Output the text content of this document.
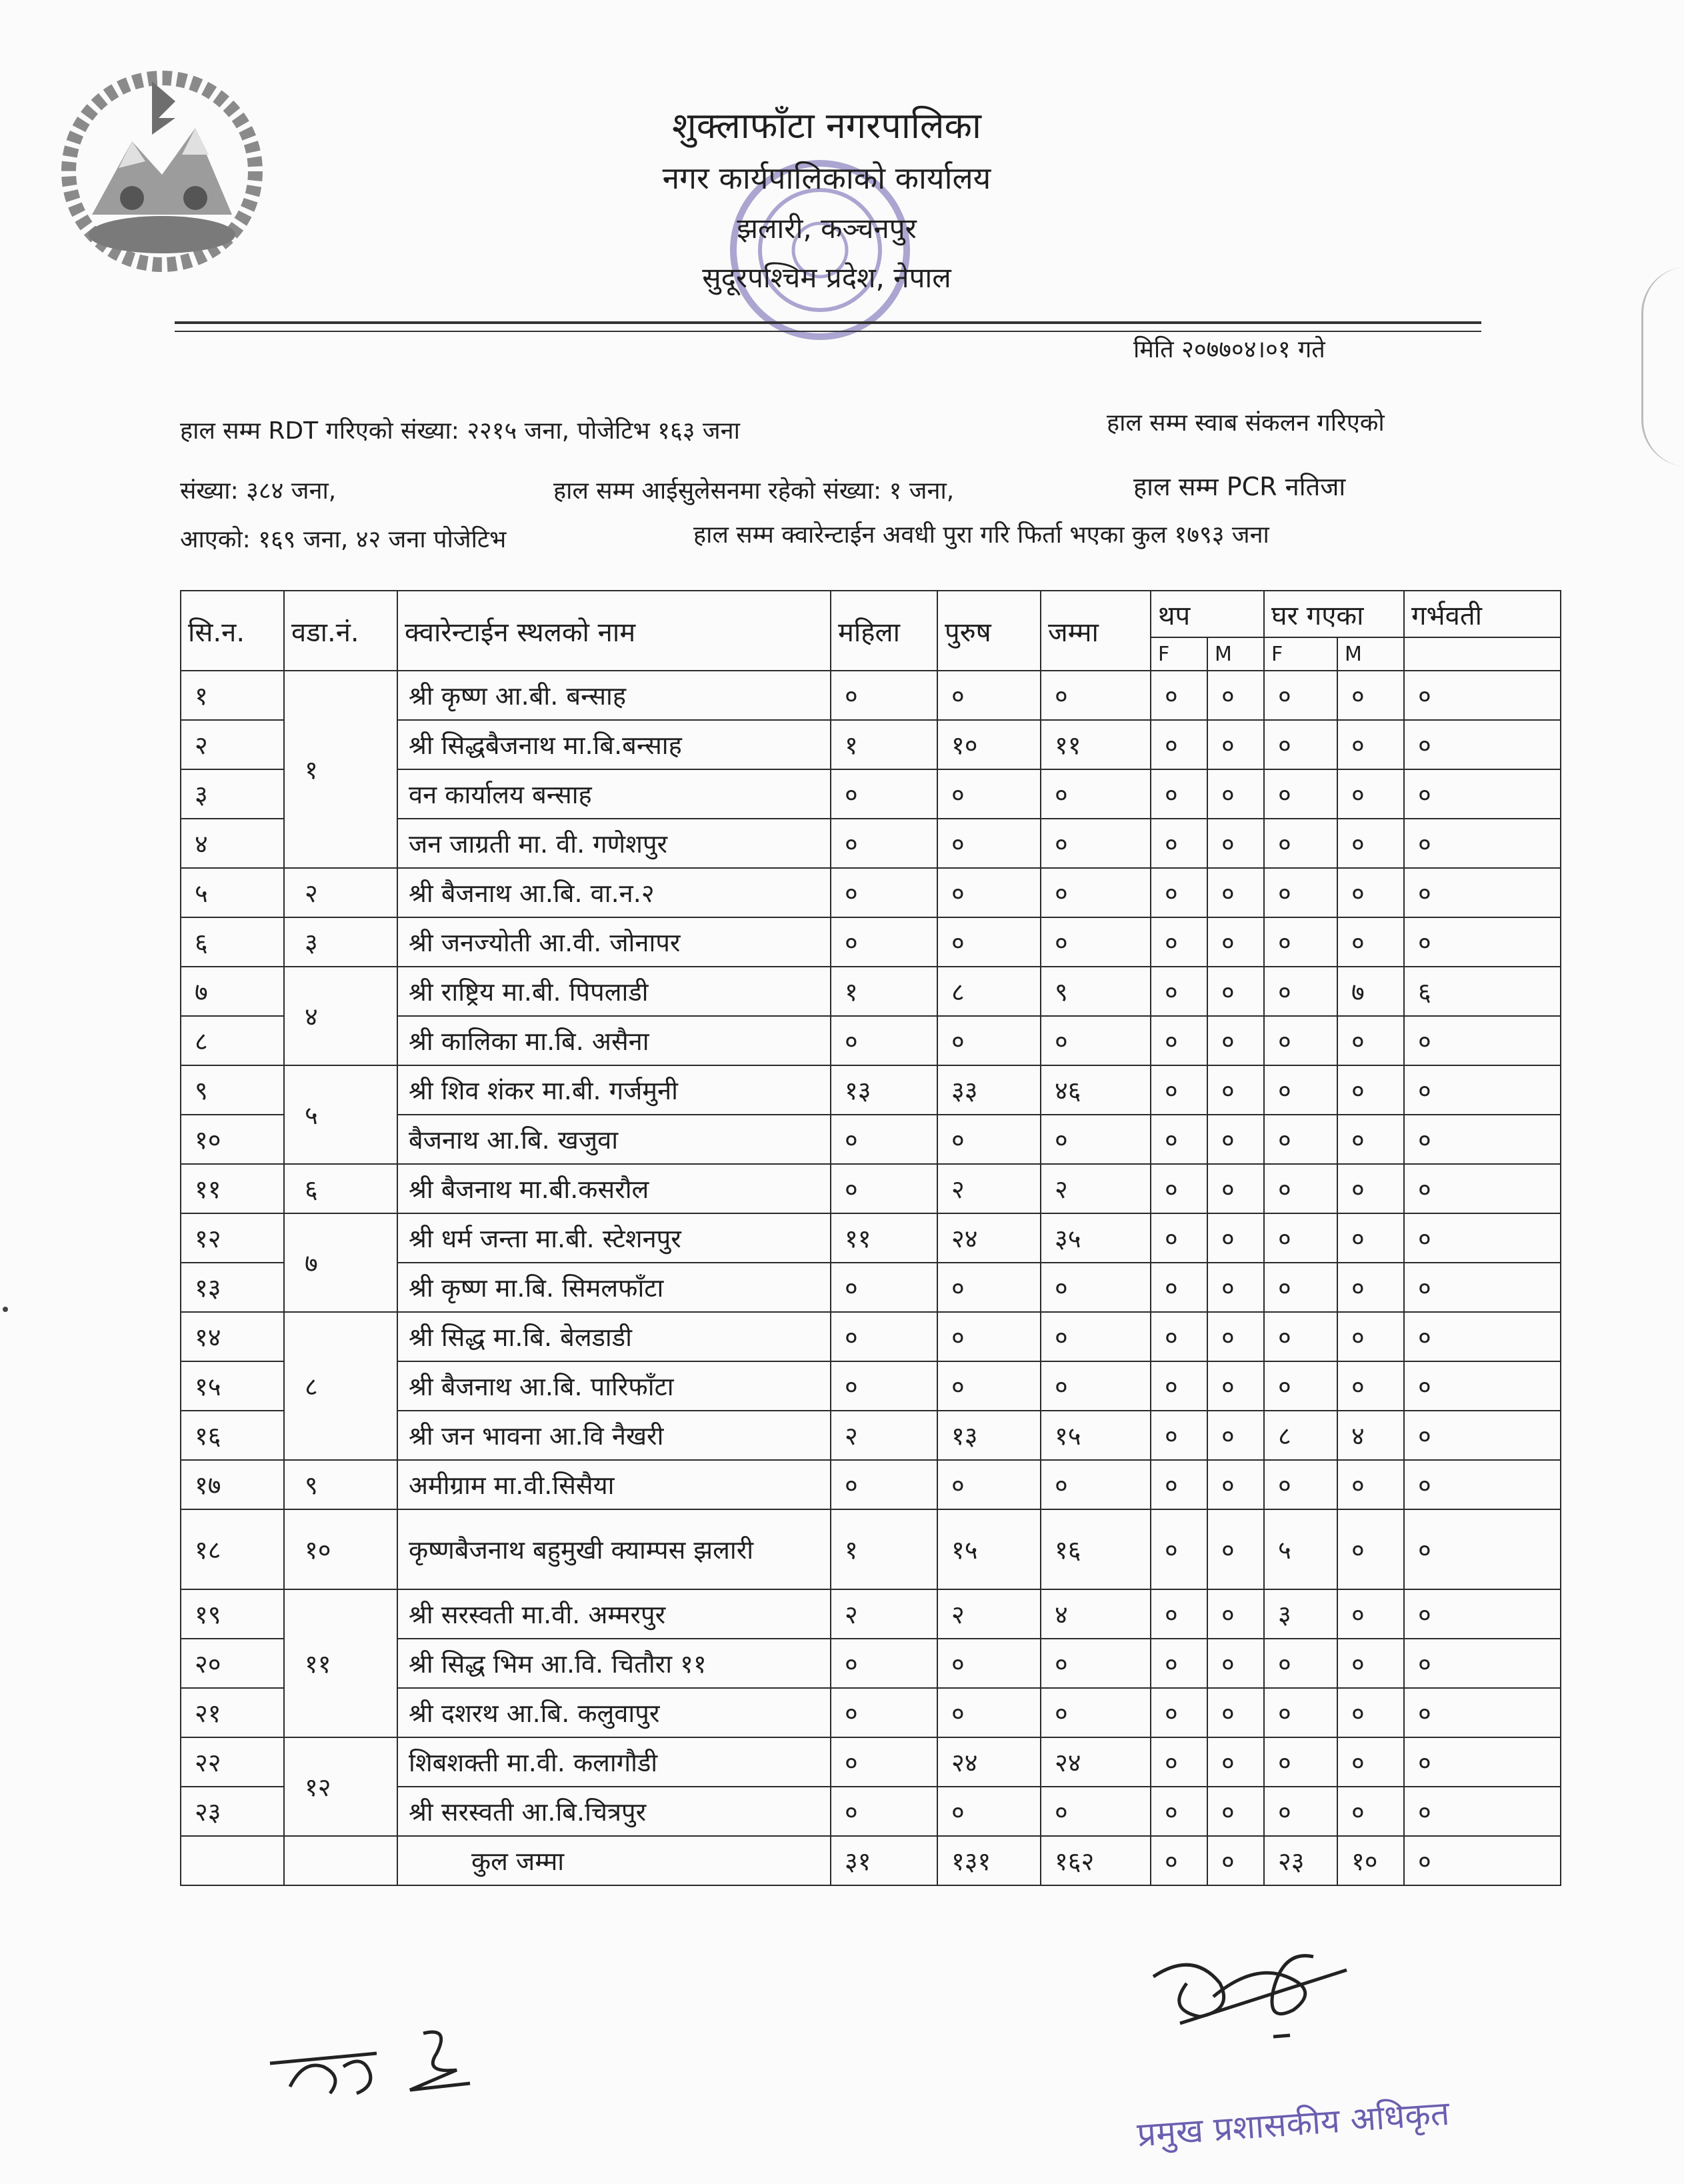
शुक्लाफाँटा नगरपालिका
नगर कार्यपालिकाको कार्यालय
झलारी, कञ्चनपुर
सुदूरपश्चिम प्रदेश, नेपाल
मिति २०७७०४।०१ गते
हाल सम्म RDT गरिएको संख्या: २२१५ जना, पोजेटिभ १६३ जना	हाल सम्म स्वाब संकलन गरिएको
संख्या: ३८४ जना,	हाल सम्म आईसुलेसनमा रहेको संख्या: १ जना,	हाल सम्म PCR नतिजा
आएको: १६९ जना, ४२ जना पोजेटिभ	हाल सम्म क्वारेन्टाईन अवधी पुरा गरि फिर्ता भएका कुल १७९३ जना
सि.न.	वडा.नं.	क्वारेन्टाईन स्थलको नाम	महिला	पुरुष	जम्मा	थप		घर गएका		गर्भवती
						F	M	F	M	
१	१	श्री कृष्ण आ.बी. बन्साह	०	०	०	०	०	०	०	०
२		श्री सिद्धबैजनाथ मा.बि.बन्साह	१	१०	११	०	०	०	०	०
३		वन कार्यालय बन्साह	०	०	०	०	०	०	०	०
४		जन जाग्रती मा. वी. गणेशपुर	०	०	०	०	०	०	०	०
५	२	श्री बैजनाथ आ.बि. वा.न.२	०	०	०	०	०	०	०	०
६	३	श्री जनज्योती आ.वी. जोनापर	०	०	०	०	०	०	०	०
७	४	श्री राष्ट्रिय मा.बी. पिपलाडी	१	८	९	०	०	०	७	६
८		श्री कालिका मा.बि. असैना	०	०	०	०	०	०	०	०
९	५	श्री शिव शंकर मा.बी. गर्जमुनी	१३	३३	४६	०	०	०	०	०
१०		बैजनाथ आ.बि. खजुवा	०	०	०	०	०	०	०	०
११	६	श्री बैजनाथ मा.बी.कसरौल	०	२	२	०	०	०	०	०
१२	७	श्री धर्म जन्ता मा.बी. स्टेशनपुर	११	२४	३५	०	०	०	०	०
१३		श्री कृष्ण मा.बि. सिमलफाँटा	०	०	०	०	०	०	०	०
१४	८	श्री सिद्ध मा.बि. बेलडाडी	०	०	०	०	०	०	०	०
१५		श्री बैजनाथ आ.बि. पारिफाँटा	०	०	०	०	०	०	०	०
१६		श्री जन भावना आ.वि नैखरी	२	१३	१५	०	०	८	४	०
१७	९	अमीग्राम मा.वी.सिसैया	०	०	०	०	०	०	०	०
१८	१०	कृष्णबैजनाथ बहुमुखी क्याम्पस झलारी	१	१५	१६	०	०	५	०	०
१९	११	श्री सरस्वती मा.वी. अम्मरपुर	२	२	४	०	०	३	०	०
२०		श्री सिद्ध भिम आ.वि. चितौरा ११	०	०	०	०	०	०	०	०
२१		श्री दशरथ आ.बि. कलुवापुर	०	०	०	०	०	०	०	०
२२	१२	शिबशक्ती मा.वी. कलागौडी	०	२४	२४	०	०	०	०	०
२३		श्री सरस्वती आ.बि.चित्रपुर	०	०	०	०	०	०	०	०
		कुल जम्मा	३१	१३१	१६२	०	०	२३	१०	०
प्रमुख प्रशासकीय अधिकृत
